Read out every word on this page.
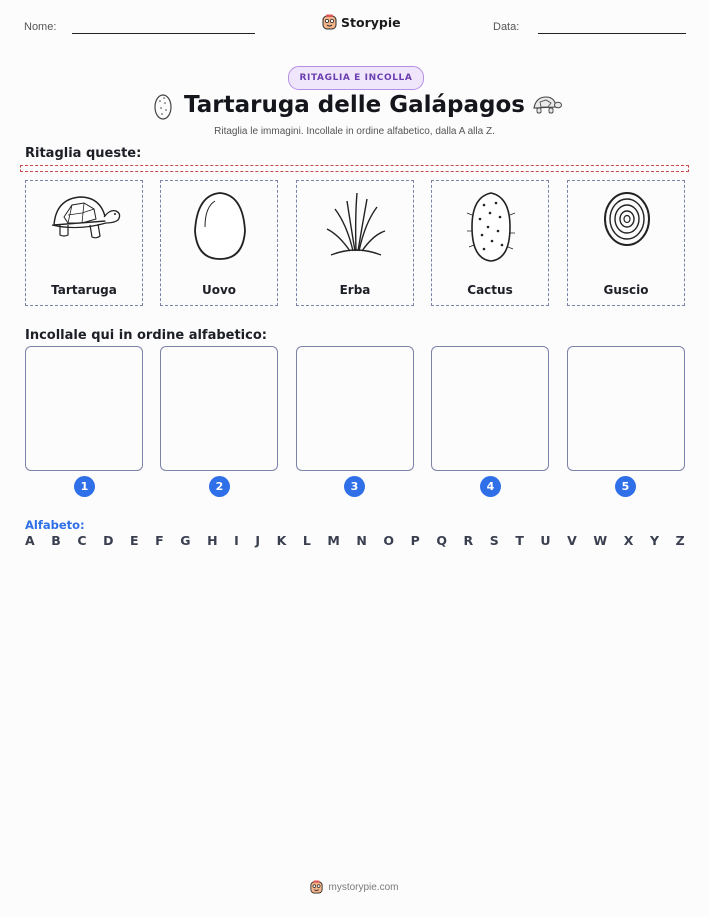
Nome:	Storypie	Data:
RITAGLIA E INCOLLA
Tartaruga delle Galápagos
Ritaglia le immagini. Incollale in ordine alfabetico, dalla A alla Z.
Ritaglia queste:
Tartaruga	Uovo	Erba	Cactus	Guscio
Incollale qui in ordine alfabetico:
1	2	3	4	5
Alfabeto:
A B C D E F G H I J K L M N O P Q R S T U V W X Y Z
mystorypie.com
